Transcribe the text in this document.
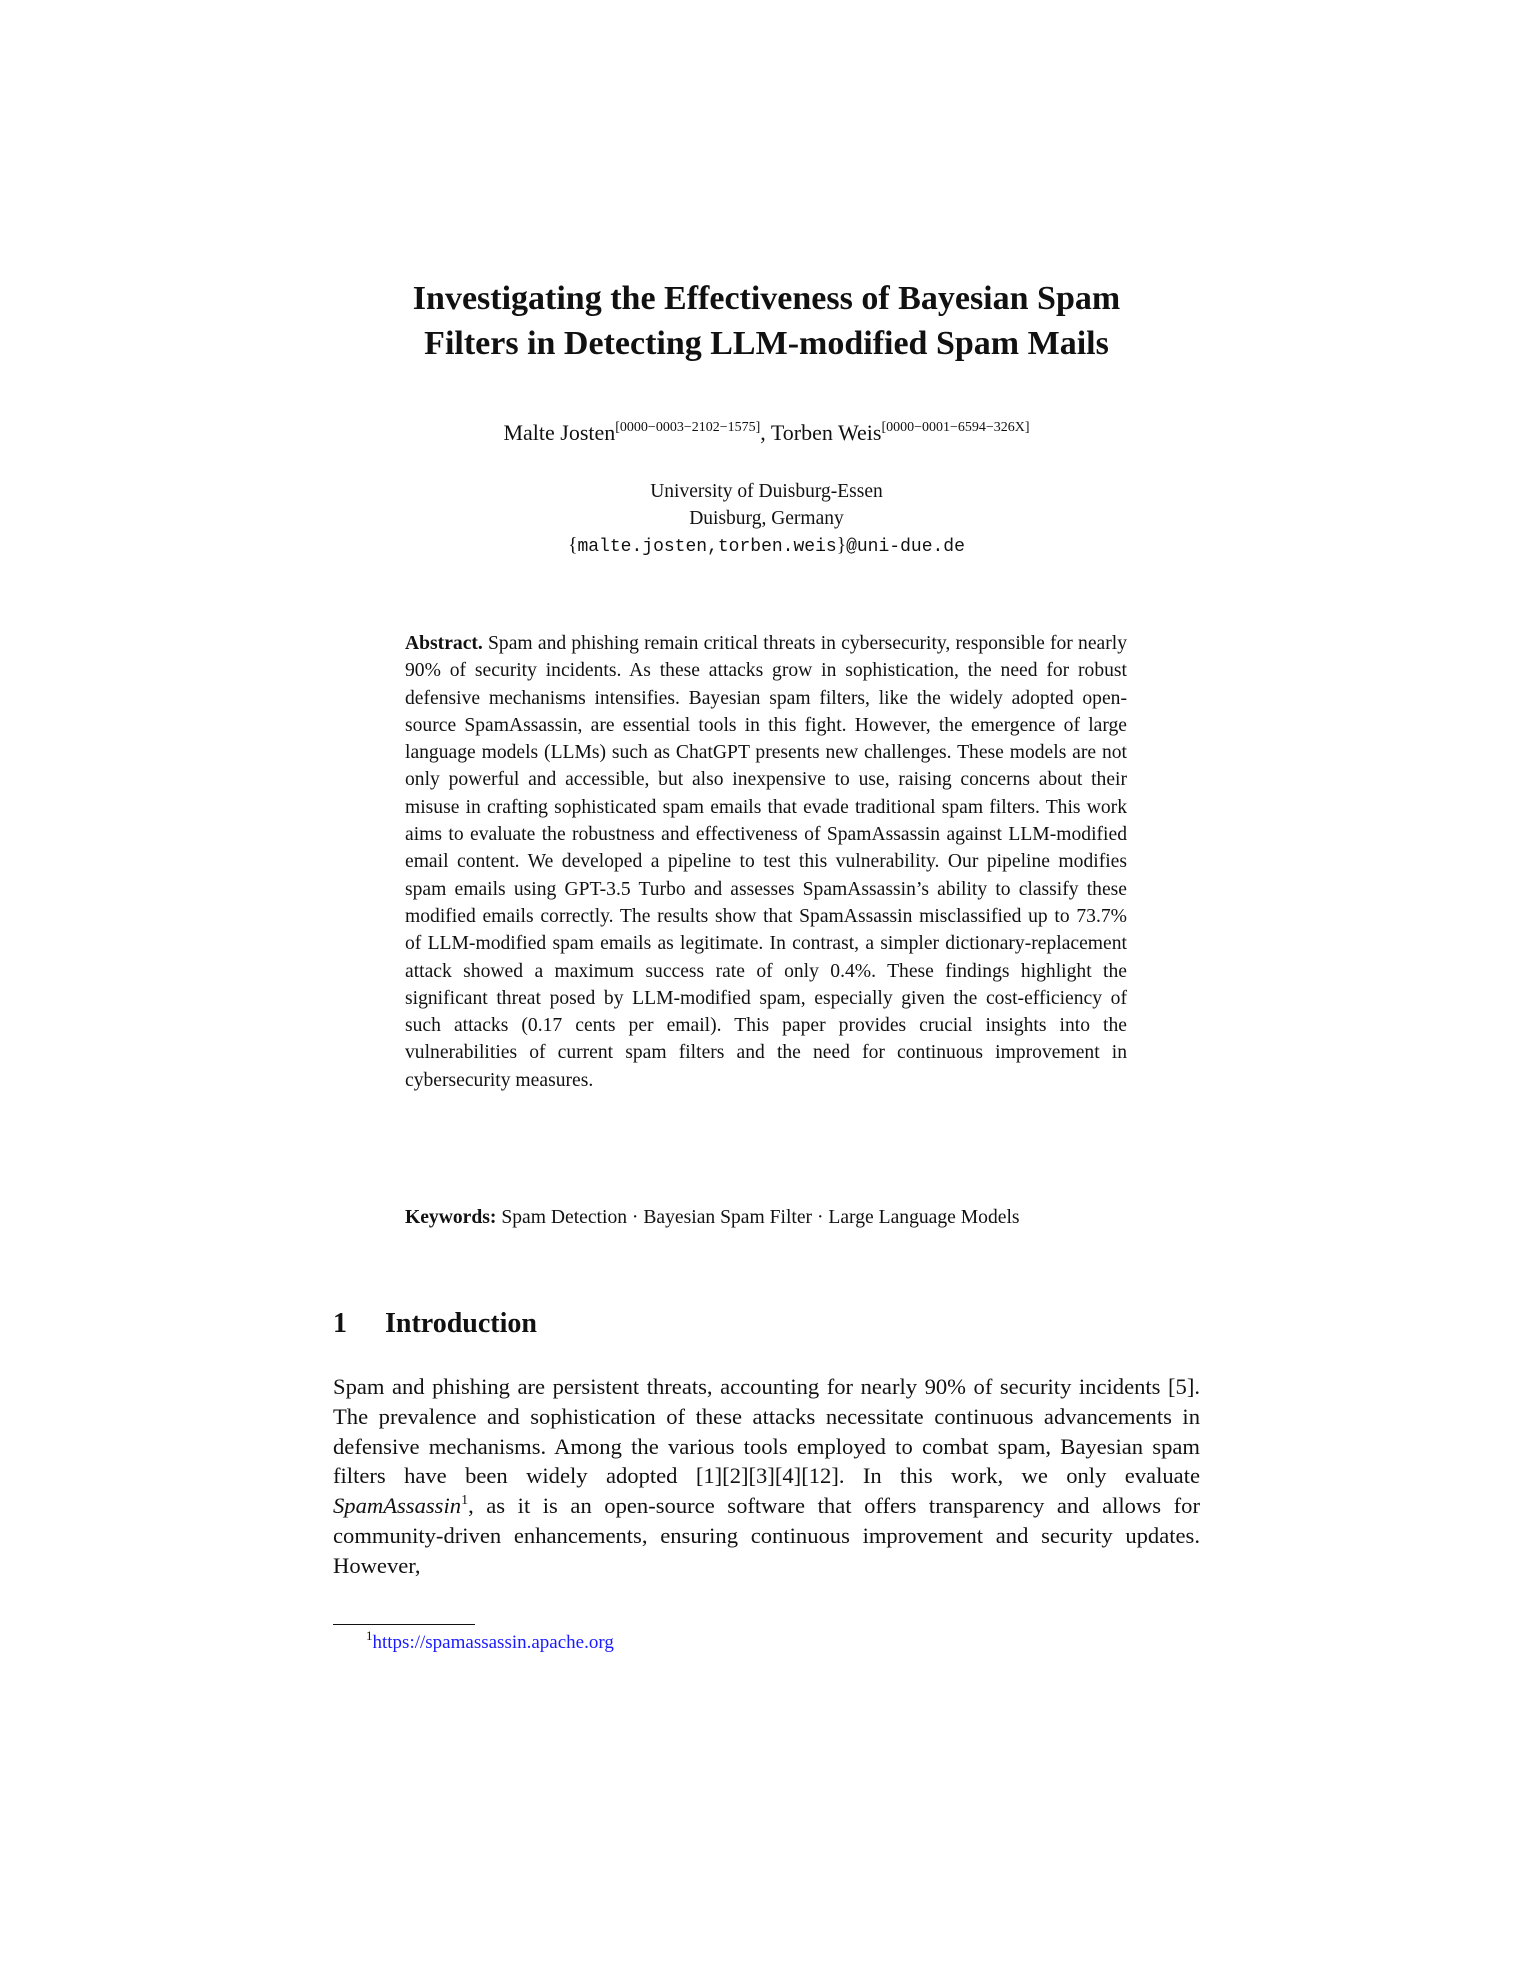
Investigating the Effectiveness of Bayesian Spam
Filters in Detecting LLM-modified Spam Mails
Malte Josten[0000−0003−2102−1575], Torben Weis[0000−0001−6594−326X]
University of Duisburg-Essen
Duisburg, Germany
{malte.josten,torben.weis}@uni-due.de

Abstract. Spam and phishing remain critical threats in cybersecurity, responsible for nearly 90% of security incidents. As these attacks grow in sophistication, the need for robust defensive mechanisms intensifies. Bayesian spam filters, like the widely adopted open-source SpamAssassin, are essential tools in this fight. However, the emergence of large language models (LLMs) such as ChatGPT presents new challenges. These models are not only powerful and accessible, but also inexpensive to use, raising concerns about their misuse in crafting sophisticated spam emails that evade traditional spam filters. This work aims to evaluate the robustness and effectiveness of SpamAssassin against LLM-modified email content. We developed a pipeline to test this vulnerability. Our pipeline modifies spam emails using GPT-3.5 Turbo and assesses SpamAssassin’s ability to classify these modified emails correctly. The results show that SpamAssassin misclassified up to 73.7% of LLM-modified spam emails as legitimate. In contrast, a simpler dictionary-replacement attack showed a maximum success rate of only 0.4%. These findings highlight the significant threat posed by LLM-modified spam, especially given the cost-efficiency of such attacks (0.17 cents per email). This paper provides crucial insights into the vulnerabilities of current spam filters and the need for continuous improvement in cybersecurity measures.

Keywords: Spam Detection · Bayesian Spam Filter · Large Language Models

1 Introduction

Spam and phishing are persistent threats, accounting for nearly 90% of security incidents [5]. The prevalence and sophistication of these attacks necessitate continuous advancements in defensive mechanisms. Among the various tools employed to combat spam, Bayesian spam filters have been widely adopted [1][2][3][4][12]. In this work, we only evaluate SpamAssassin$^1$, as it is an open-source software that offers transparency and allows for community-driven enhancements, ensuring continuous improvement and security updates. However,

$^1$https://spamassassin.apache.org
